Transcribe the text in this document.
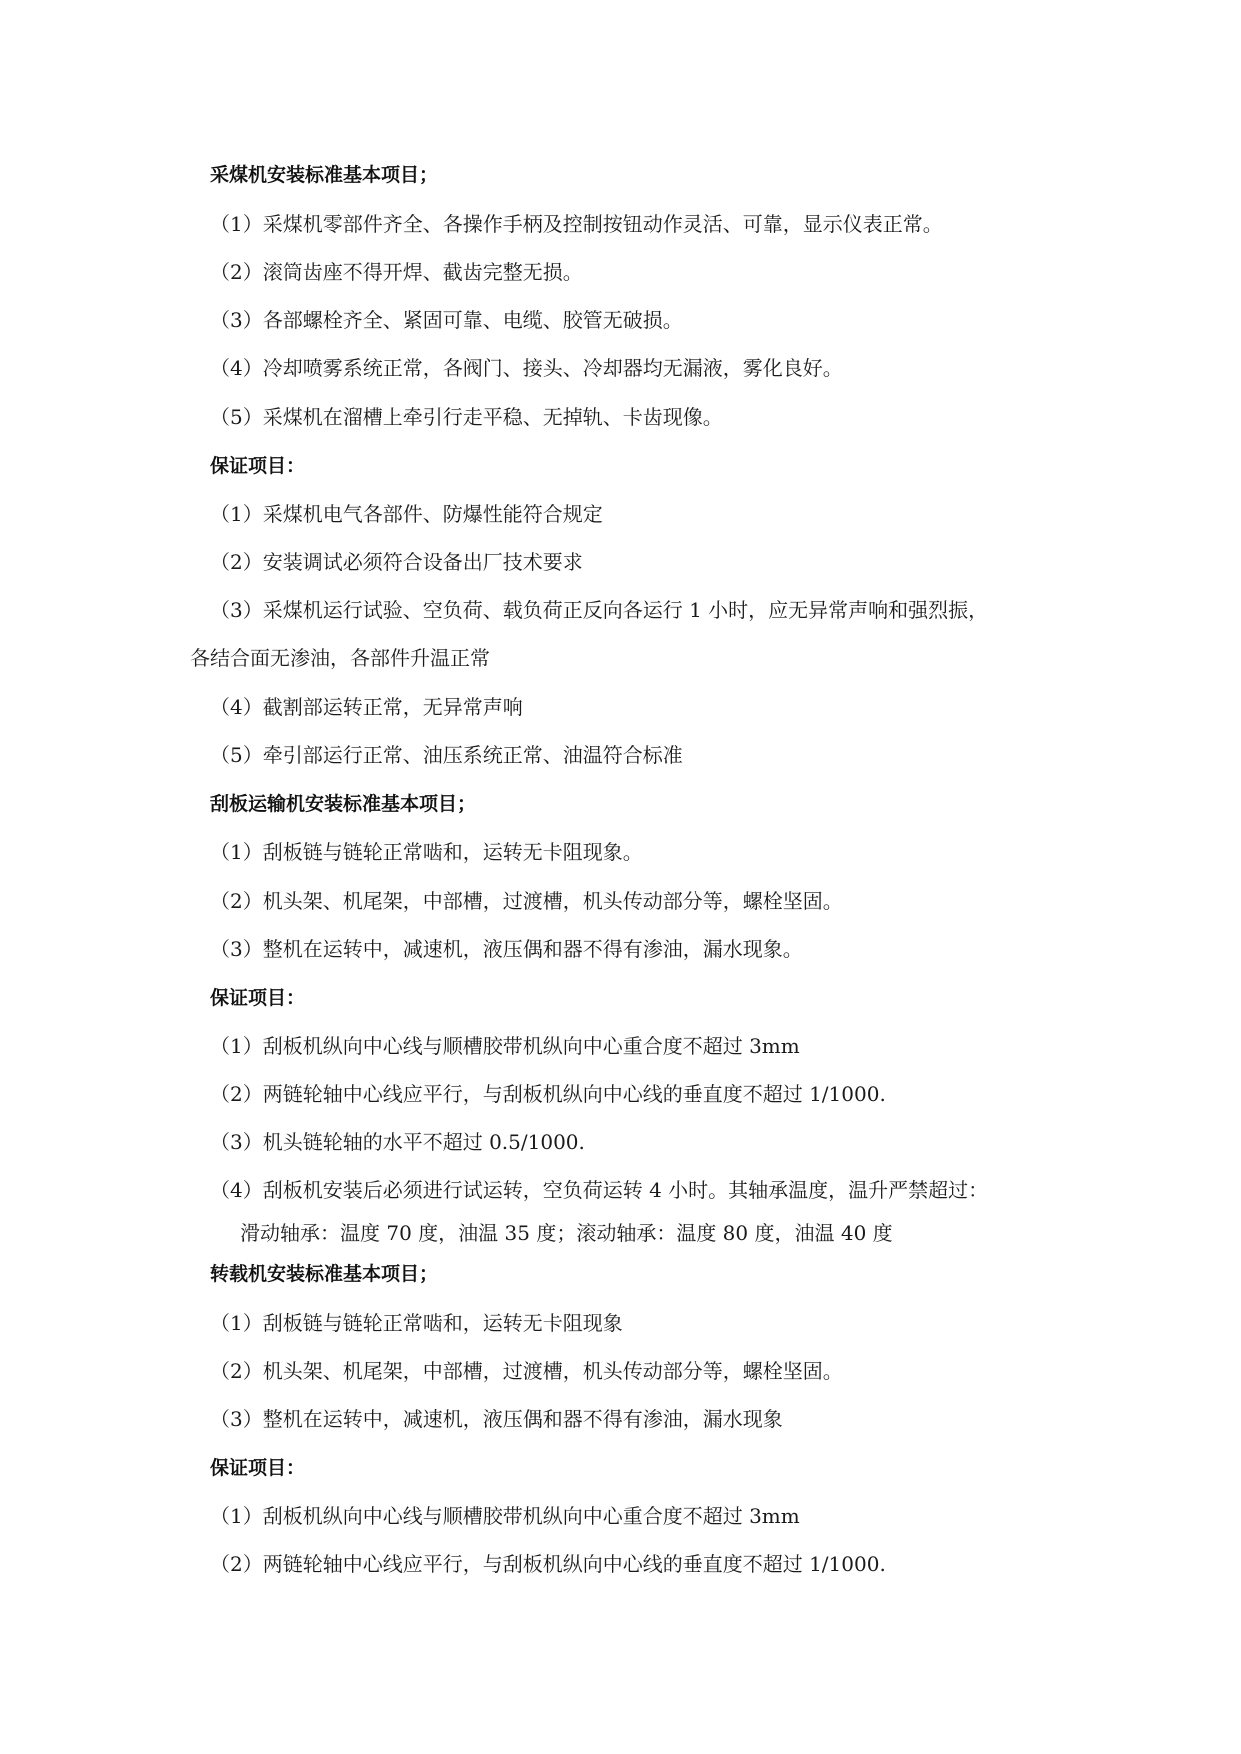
采煤机安装标准基本项目；
（1）采煤机零部件齐全、各操作手柄及控制按钮动作灵活、可靠，显示仪表正常。
（2）滚筒齿座不得开焊、截齿完整无损。
（3）各部螺栓齐全、紧固可靠、电缆、胶管无破损。
（4）冷却喷雾系统正常，各阀门、接头、冷却器均无漏液，雾化良好。
（5）采煤机在溜槽上牵引行走平稳、无掉轨、卡齿现像。
保证项目：
（1）采煤机电气各部件、防爆性能符合规定
（2）安装调试必须符合设备出厂技术要求
（3）采煤机运行试验、空负荷、载负荷正反向各运行 1 小时，应无异常声响和强烈振，
各结合面无渗油，各部件升温正常
（4）截割部运转正常，无异常声响
（5）牵引部运行正常、油压系统正常、油温符合标准
刮板运输机安装标准基本项目；
（1）刮板链与链轮正常啮和，运转无卡阻现象。
（2）机头架、机尾架，中部槽，过渡槽，机头传动部分等，螺栓坚固。
（3）整机在运转中，减速机，液压偶和器不得有渗油，漏水现象。
保证项目：
（1）刮板机纵向中心线与顺槽胶带机纵向中心重合度不超过 3mm
（2）两链轮轴中心线应平行，与刮板机纵向中心线的垂直度不超过 1/1000.
（3）机头链轮轴的水平不超过 0.5/1000.
（4）刮板机安装后必须进行试运转，空负荷运转 4 小时。其轴承温度，温升严禁超过：
滑动轴承：温度 70 度，油温 35 度；滚动轴承：温度 80 度，油温 40 度
转载机安装标准基本项目；
（1）刮板链与链轮正常啮和，运转无卡阻现象
（2）机头架、机尾架，中部槽，过渡槽，机头传动部分等，螺栓坚固。
（3）整机在运转中，减速机，液压偶和器不得有渗油，漏水现象
保证项目：
（1）刮板机纵向中心线与顺槽胶带机纵向中心重合度不超过 3mm
（2）两链轮轴中心线应平行，与刮板机纵向中心线的垂直度不超过 1/1000.
